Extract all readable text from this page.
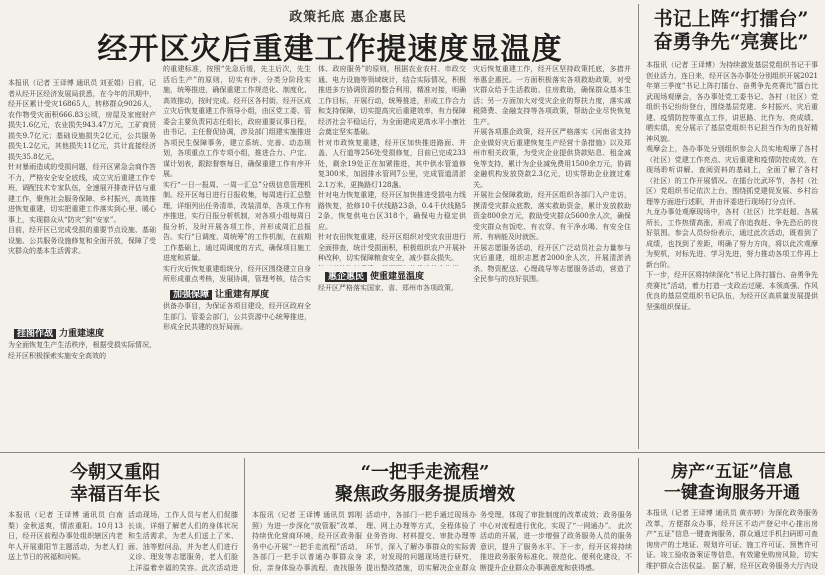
政策托底 惠企惠民
经开区灾后重建工作提速度显温度
书记上阵“打擂台”
奋勇争先“亮赛比”
本报讯（记者 王译博 通讯员 刘亚娟）日前，记者从经开区经济发展局获悉，在今年的汛期中，经开区累计受灾16865人，转移群众9026人，农作物受灾面积666.83公顷，房屋及家庭财产损失1.6亿元，农业损失943.47万元，工矿商贸损失9.7亿元；基础设施损失2亿元，公共服务损失1.2亿元，其他损失11亿元，共计直接经济损失35.8亿元。
针对暴雨造成的受损问题，经开区紧急会商作答不力，严格安全安全底线，成立灾后重建工作专班，调配技术专家队伍，全速展开排查评估与重建工作，聚焦社会服务保障、乡村振兴，高效推进恢复重建，切实把重建工作落实到心里、暖心事上，实现群众从“防灾”到“安家”。
目前，经开区已完成受损的重要节点设施、基础设施、公共服务设施修复和全面开放，保障了受灾群众的基本生活需求。
挂图作战 力重建速度
为全面恢复生产生活秩序，根据受损实际情况，经开区积极探索实施安全高效的
的重建标准，按照“先急后缓，先主后次，先生活后生产”的原则，切实有序、分类分阶段实施，统筹推进，确保重建工作规范化、制度化、高效推动，按时完成。经开区各村街，经开区成立灾后恢复重建工作领导小组，由区党工委、管委会主要负责同志任组长，政府重要议事日程，由书记、主任督促协调，涉及部门组建实施推进各项民生保障事务，建立系统、完善、动态规划，各项重点工作专项小组，推进合力、户定、谋计划表，跟踪督察每日，确保重建工作有序开展。
实行“一日一报周、一周一汇总”分级信息管理机制。经开区每日进行日报收集，每周进行汇总整理，详细列出任务清单，改装清单，各项工作有序推进，实行日报分析机制，对各项小组每周日报分析，及时开展各项工作，并形成周汇总报告。实行“日调度、周统筹”的工作机制，在前期工作基础上，通过周调度的方式，确保项目施工进度和质量。
实行灾后恢复重建组统分，经开区围绕建立自身所形成重点考核，发展协调，管理考核，结合实
加强保障 让重建有厚度
供备办事目，为保证各项目建设，经开区政府全生部门、管委会部门，公共资源中心统筹推进，形成全民共建的良好局面。
体、政府服务”的原则，根据农业农村、市政交通、电力设施等领域统计，结合实际情况，积极推进多方协调资源的整合利用，精准对接，明确工作目标，开展行动，统筹推进，形成工作合力和支持保障，切实提高灾后重建效率，有力保障经济社会平稳运行，为全面建成更高水平小康社会奠定坚实基础。
针对市政恢复重建，经开区加快推进路面、井盖、人行道等256处受损修复，目前已完成233处，剩余19处正在加紧推进，其中供水管道修复300米，加固排水管网7公里，完成管道清淤2.1万米，更换路灯128盏。
针对电力恢复重建，经开区加快推进受损电力线路恢复，抢修10千伏线路23条，0.4千伏线路52条，恢复供电台区318个，确保电力稳定供应。
针对农田恢复重建，经开区组织对受灾农田进行全面排查，统计受损面积，积极组织农户开展补种改种，切实保障粮食安全，减少群众损失。

惠企惠民 使重建显温度
经开区严格落实国家、省、郑州市各项政策。
灾后恢复重建工作，经开区坚持政策托底，多措并举惠企惠民。一方面积极落实各项救助政策，对受灾群众给予生活救助、住房救助，确保群众基本生活；另一方面加大对受灾企业的帮扶力度，落实减税降费、金融支持等各项政策，帮助企业尽快恢复生产。
开展各项惠企政策，经开区严格落实《河南省支持企业做好灾后重建恢复生产经营十条措施》以及郑州市相关政策，为受灾企业提供贷款贴息、租金减免等支持，累计为企业减免费用1500余万元，协调金融机构发放贷款2.3亿元，切实帮助企业渡过难关。
开展社会保障救助，经开区组织各部门入户走访，摸清受灾群众底数，落实救助资金，累计发放救助资金800余万元，救助受灾群众5600余人次，确保受灾群众有饭吃、有衣穿、有干净水喝、有安全住所、有病能及时就医。
开展志愿服务活动，经开区广泛动员社会力量参与灾后重建，组织志愿者2000余人次，开展清淤消杀、物资配送、心理疏导等志愿服务活动，营造了全民参与的良好氛围。
本报讯（记者 王译博）为持续激发基层党组织书记干事创业活力，连日来，经开区各办事处分别组织开展2021年第三季度“书记上阵打擂台、奋勇争先亮赛比”擂台比武现场观摩会，各办事处党工委书记、各村（社区）党组织书记纷纷登台，围绕基层党建、乡村振兴、灾后重建、疫情防控等重点工作，讲思路、比作为、亮成绩、晒实绩，充分展示了基层党组织书记担当作为的良好精神风貌。
观摩会上，各办事处分别组织参会人员实地观摩了各村（社区）党建工作亮点、灾后重建和疫情防控成效，在现场聆听讲解、查阅资料的基础上，全面了解了各村（社区）的工作开展情况。在擂台比武环节，各村（社区）党组织书记依次上台，围绕抓党建促发展、乡村治理等方面进行述职，并由评委进行现场打分点评。
九龙办事处观摩现场中，各村（社区）比学赶超、各展所长，工作热情高涨，形成了你追我赶、争先恐后的良好氛围。参会人员纷纷表示，通过此次活动，既看到了成绩，也找到了差距，明确了努力方向，将以此次观摩为契机，对标先进、学习先进，努力推动各项工作再上新台阶。
下一步，经开区将持续深化“书记上阵打擂台、奋勇争先亮赛比”活动，着力打造一支政治过硬、本领高强、作风优良的基层党组织书记队伍，为经开区高质量发展提供坚强组织保证。
今朝又重阳
幸福百年长
本报讯（记者 王译博 通讯员 白南梨）金秋送爽，情浓重阳。10月13日，经开区前程办事处组织辖区内老年人开展重阳节主题活动，为老人们送上节日的祝福和问候。
活动现场，工作人员与老人们促膝长谈，详细了解老人们的身体状况和生活需求，为老人们送上了米、面、油等慰问品，并为老人们进行义诊、理发等志愿服务，老人们脸上洋溢着幸福的笑容。此次活动进
“一把手走流程”
聚焦政务服务提质增效
本报讯（记者 王译博 通讯员 郭刚照）为进一步深化“放管服”改革，持续优化营商环境，经开区政务服务中心开展“一把手走流程”活动，各部门一把手以普通办事群众身份，亲身体验办事流程，查找服务
活动中，各部门一把手通过现场办理、网上办理等方式，全程体验了业务咨询、材料提交、审批办理等环节，深入了解办事群众的实际需求，对发现的问题现场进行研究，提出整改措施，切实解决企业群众
务受理，体现了审批制度的改革成效；政务服务中心对流程进行优化，实现了“一网通办”。 此次活动的开展，进一步增强了政务服务人员的服务意识，提升了服务水平。下一步，经开区将持续推进政务服务标准化、规范化、便利化建设，不断提升企业群众办事满意度和获得感。
房产“五证”信息
一键查询服务开通
本报讯（记者 王译博 通讯员 黄亦婷）为深化政务服务改革，方便群众办事，经开区不动产登记中心推出房产“五证”信息一键查询服务，群众通过手机扫码即可查询房产的土地证、规划许可证、施工许可证、预售许可证、竣工验收备案证等信息，有效避免购房风险，切实维护群众合法权益。 据了解，经开区政务服务大厅内设
